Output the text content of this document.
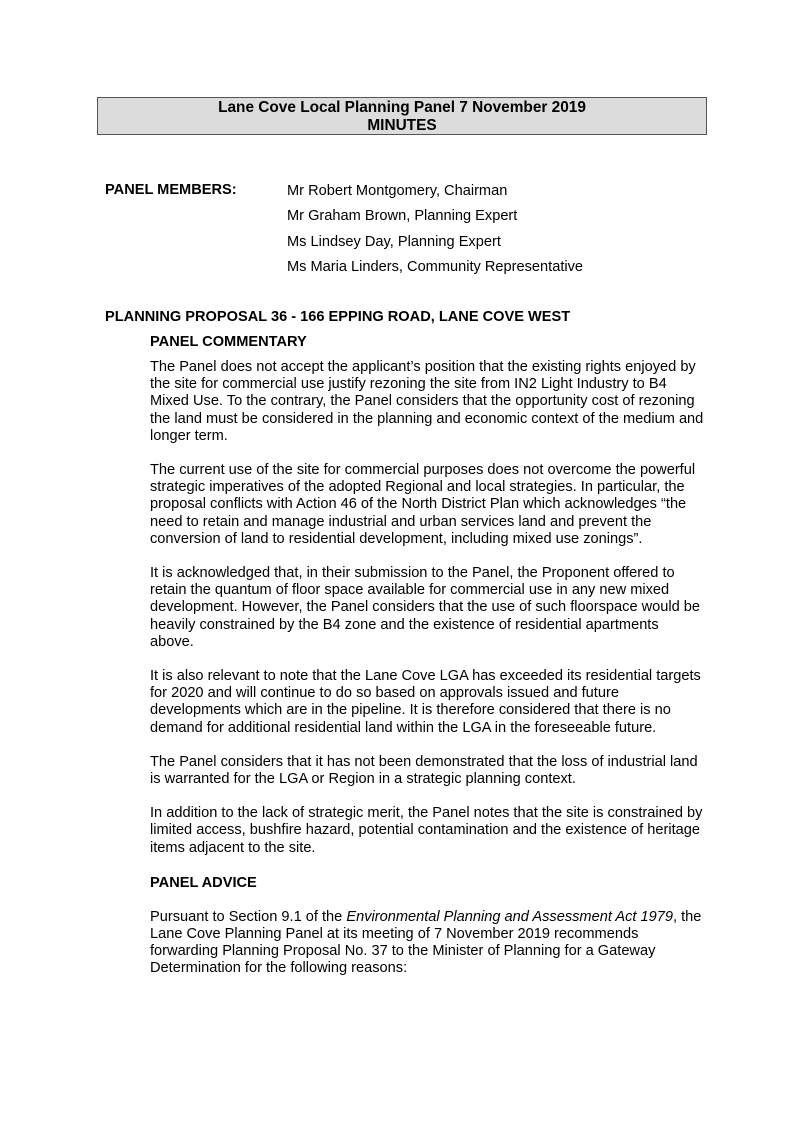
Lane Cove Local Planning Panel 7 November 2019
MINUTES
PANEL MEMBERS:	Mr Robert Montgomery, Chairman
Mr Graham Brown, Planning Expert
Ms Lindsey Day, Planning Expert
Ms Maria Linders, Community Representative
PLANNING PROPOSAL 36 - 166 EPPING ROAD, LANE COVE WEST

PANEL COMMENTARY

The Panel does not accept the applicant’s position that the existing rights enjoyed by the site for commercial use justify rezoning the site from IN2 Light Industry to B4 Mixed Use. To the contrary, the Panel considers that the opportunity cost of rezoning the land must be considered in the planning and economic context of the medium and longer term.

The current use of the site for commercial purposes does not overcome the powerful strategic imperatives of the adopted Regional and local strategies. In particular, the proposal conflicts with Action 46 of the North District Plan which acknowledges “the need to retain and manage industrial and urban services land and prevent the conversion of land to residential development, including mixed use zonings”.

It is acknowledged that, in their submission to the Panel, the Proponent offered to retain the quantum of floor space available for commercial use in any new mixed development. However, the Panel considers that the use of such floorspace would be heavily constrained by the B4 zone and the existence of residential apartments above.

It is also relevant to note that the Lane Cove LGA has exceeded its residential targets for 2020 and will continue to do so based on approvals issued and future developments which are in the pipeline. It is therefore considered that there is no demand for additional residential land within the LGA in the foreseeable future.

The Panel considers that it has not been demonstrated that the loss of industrial land is warranted for the LGA or Region in a strategic planning context.

In addition to the lack of strategic merit, the Panel notes that the site is constrained by limited access, bushfire hazard, potential contamination and the existence of heritage items adjacent to the site.

PANEL ADVICE

Pursuant to Section 9.1 of the Environmental Planning and Assessment Act 1979, the Lane Cove Planning Panel at its meeting of 7 November 2019 recommends forwarding Planning Proposal No. 37 to the Minister of Planning for a Gateway Determination for the following reasons:
